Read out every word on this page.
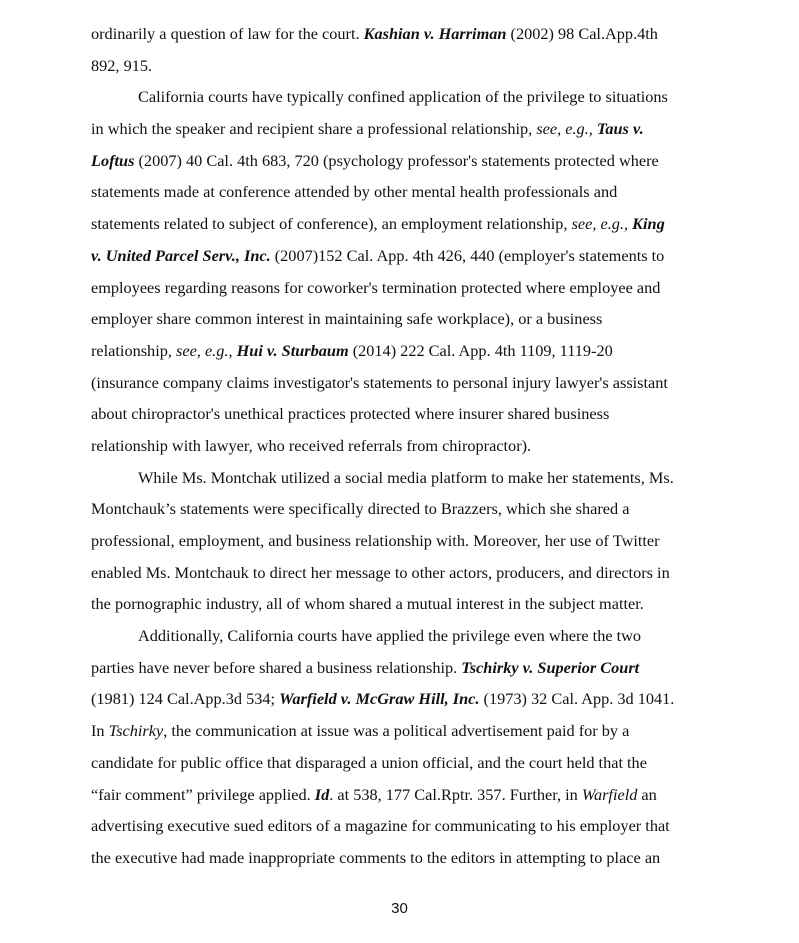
ordinarily a question of law for the court. Kashian v. Harriman (2002) 98 Cal.App.4th
892, 915.
California courts have typically confined application of the privilege to situations
in which the speaker and recipient share a professional relationship, see, e.g., Taus v.
Loftus (2007) 40 Cal. 4th 683, 720 (psychology professor's statements protected where
statements made at conference attended by other mental health professionals and
statements related to subject of conference), an employment relationship, see, e.g., King
v. United Parcel Serv., Inc. (2007)152 Cal. App. 4th 426, 440 (employer's statements to
employees regarding reasons for coworker's termination protected where employee and
employer share common interest in maintaining safe workplace), or a business
relationship, see, e.g., Hui v. Sturbaum (2014) 222 Cal. App. 4th 1109, 1119-20
(insurance company claims investigator's statements to personal injury lawyer's assistant
about chiropractor's unethical practices protected where insurer shared business
relationship with lawyer, who received referrals from chiropractor).
While Ms. Montchak utilized a social media platform to make her statements, Ms.
Montchauk’s statements were specifically directed to Brazzers, which she shared a
professional, employment, and business relationship with. Moreover, her use of Twitter
enabled Ms. Montchauk to direct her message to other actors, producers, and directors in
the pornographic industry, all of whom shared a mutual interest in the subject matter.
Additionally, California courts have applied the privilege even where the two
parties have never before shared a business relationship. Tschirky v. Superior Court
(1981) 124 Cal.App.3d 534; Warfield v. McGraw Hill, Inc. (1973) 32 Cal. App. 3d 1041.
In Tschirky, the communication at issue was a political advertisement paid for by a
candidate for public office that disparaged a union official, and the court held that the
“fair comment” privilege applied. Id. at 538, 177 Cal.Rptr. 357. Further, in Warfield an
advertising executive sued editors of a magazine for communicating to his employer that
the executive had made inappropriate comments to the editors in attempting to place an
30
